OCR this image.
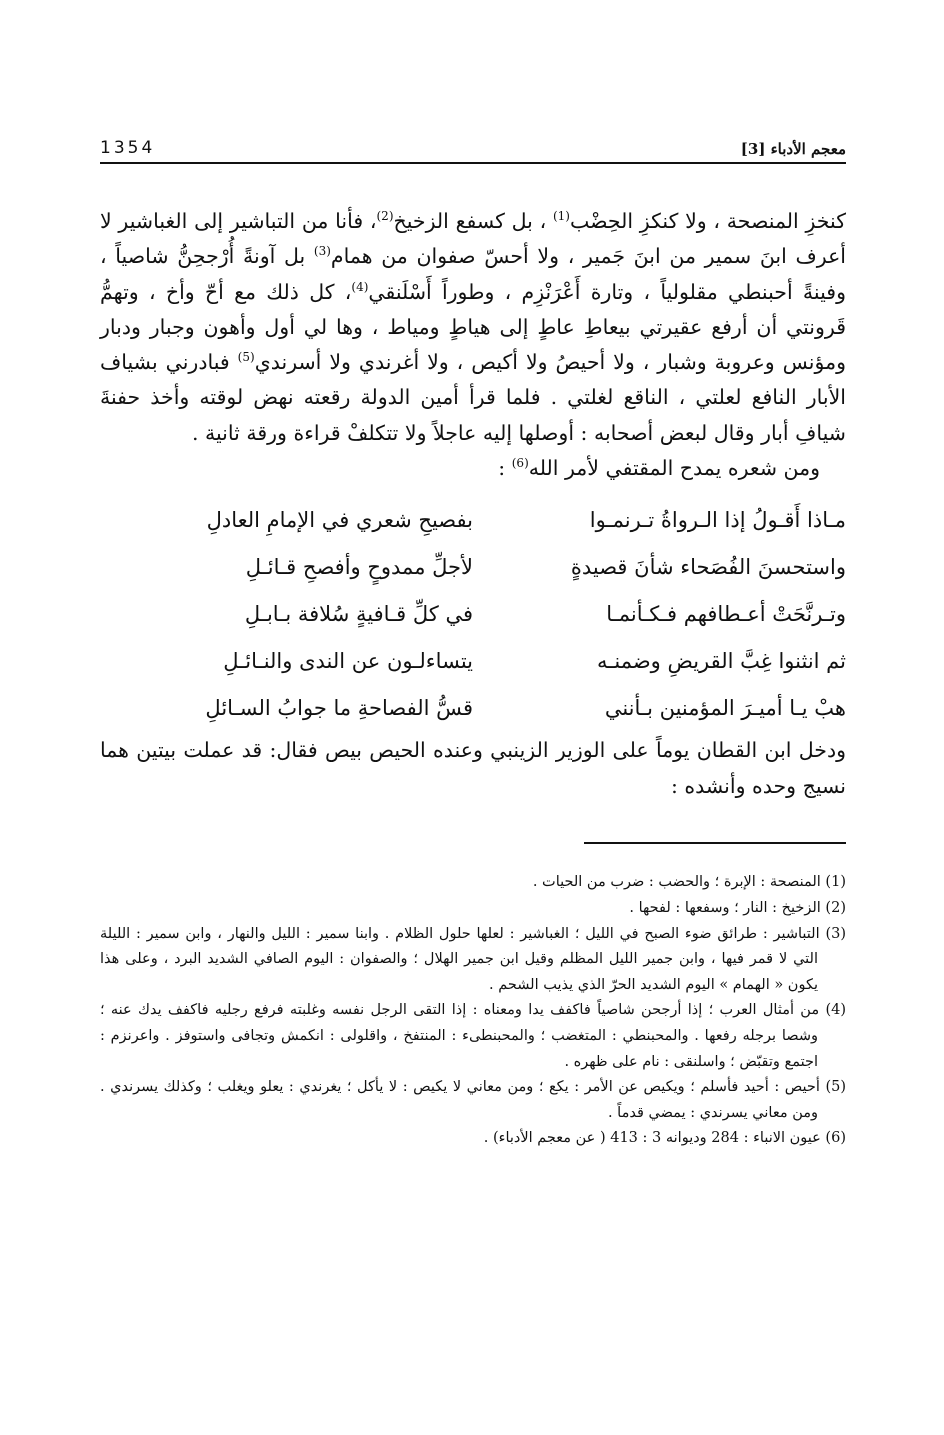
معجم الأدباء [3]
1354

كنخزِ المنصحة ، ولا كنكزِ الحِضْب$^{(1)}$ ، بل كسفع الزخيخ$^{(2)}$، فأنا من التباشير إلى الغباشير لا أعرف ابنَ سمير من ابنَ جَمير ، ولا أحسّ صفوان من همام$^{(3)}$ بل آونةً أُرْجحِنُّ شاصياً ، وفينةً أحبنطي مقلولياً ، وتارة أَعْرَنْزِم ، وطوراً أَسْلَنقي$^{(4)}$، كل ذلك مع أحّ وأخ ، وتهمُّ قَرونتي أن أرفع عقيرتي بيعاطِ عاطٍ إلى هياطٍ ومياط ، وها لي أول وأهون وجبار ودبار ومؤنس وعروبة وشبار ، ولا أحيصُ ولا أكيص ، ولا أغرندي ولا أسرندي$^{(5)}$ فبادرني بشياف الأبار النافع لعلتي ، الناقع لغلتي . فلما قرأ أمين الدولة رقعته نهض لوقته وأخذ حفنةَ شيافِ أبار وقال لبعض أصحابه : أوصلها إليه عاجلاً ولا تتكلفْ قراءة ورقة ثانية .

ومن شعره يمدح المقتفي لأمر الله$^{(6)}$ :

مـاذا أَقـولُ إذا الـرواةُ تـرنمـوا
بفصيحِ شعري في الإمامِ العادلِ
واستحسنَ الفُصَحاء شأنَ قصيدةٍ
لأجلِّ ممدوحٍ وأفصحِ قـائـلِ
وتـرنَّحَتْ أعـطافهم فـكـأنمـا
في كلِّ قـافيةٍ سُلافة بـابـلِ
ثم انثنوا غِبَّ القريضِ وضمنـه
يتساءلـون عن الندى والنـائـلِ
هبْ يـا أميـرَ المؤمنين بـأنني
قسُّ الفصاحةِ ما جوابُ السـائلِ

ودخل ابن القطان يوماً على الوزير الزينبي وعنده الحيص بيص فقال: قد عملت بيتين هما نسيج وحده وأنشده :

(1) المنصحة : الإبرة ؛ والحضب : ضرب من الحيات .

(2) الزخيخ : النار ؛ وسفعها : لفحها .

(3) التباشير : طرائق ضوء الصبح في الليل ؛ الغباشير : لعلها حلول الظلام . وابنا سمير : الليل والنهار ، وابن سمير : الليلة التي لا قمر فيها ، وابن جمير الليل المظلم وقيل ابن جمير الهلال ؛ والصفوان : اليوم الصافي الشديد البرد ، وعلى هذا يكون « الهمام » اليوم الشديد الحرّ الذي يذيب الشحم .

(4) من أمثال العرب ؛ إذا أرجحن شاصياً فاكفف يدا ومعناه : إذا التقى الرجل نفسه وغلبته فرفع رجليه فاكفف يدك عنه ؛ وشصا برجله رفعها . والمحبنطي : المتغضب ؛ والمحبنطىء : المنتفخ ، واقلولى : انكمش وتجافى واستوفز . واعرنزم : اجتمع وتقبّض ؛ واسلنقى : نام على ظهره .

(5) أحيص : أحيد فأسلم ؛ ويكيص عن الأمر : يكع ؛ ومن معاني لا يكيص : لا يأكل ؛ يغرندي : يعلو ويغلب ؛ وكذلك يسرندي . ومن معاني يسرندي : يمضي قدماً .

(6) عيون الانباء : 284 وديوانه 3 : 413 ( عن معجم الأدباء) .
